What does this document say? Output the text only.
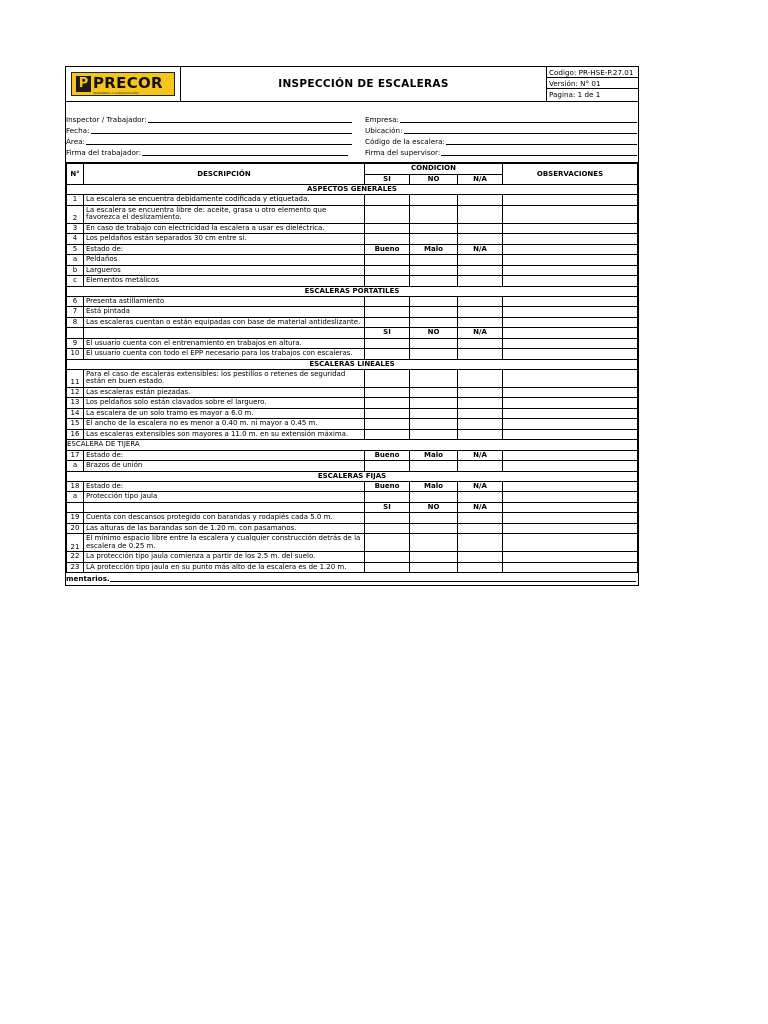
P PRECOR
INGENIERÍA Y CONSTRUCCIÓN
INSPECCIÓN DE ESCALERAS
Codigo: PR-HSE-P.27.01
Versión: N° 01
Pagina: 1 de 1
Inspector / Trabajador:
Fecha:
Área:
Firma del trabajador:
Empresa:
Ubicación:
Código de la escalera:
Firma del supervisor:
N°	DESCRIPCIÓN	CONDICIÓN			OBSERVACIONES
		SI	NO	N/A	
ASPECTOS GENERALES					
1	La escalera se encuentra debidamente codificada y etiquetada.				
2	La escalera se encuentra libre de: aceite, grasa u otro elemento que favorezca el deslizamiento.				
3	En caso de trabajo con electricidad la escalera a usar es dieléctrica.				
4	Los peldaños están separados 30 cm entre si.				
5	Estado de:	Bueno	Malo	N/A	
a	Peldaños				
b	Largueros				
c	Elementos metálicos				
ESCALERAS PORTATILES					
6	Presenta astillamiento				
7	Está pintada				
8	Las escaleras cuentan o están equipadas con base de material antideslizante.				
		SI	NO	N/A	
9	El usuario cuenta con el entrenamiento en trabajos en altura.				
10	El usuario cuenta con todo el EPP necesario para los trabajos con escaleras.				
ESCALERAS LINEALES					
11	Para el caso de escaleras extensibles: los pestillos o retenes de seguridad están en buen estado.				
12	Las escaleras están piezadas.				
13	Los peldaños solo están clavados sobre el larguero.				
14	La escalera de un solo tramo es mayor a 6.0 m.				
15	El ancho de la escalera no es menor a 0.40 m. ni mayor a 0.45 m.				
16	Las escaleras extensibles son mayores a 11.0 m. en su extensión máxima.				
ESCALERA DE TIJERA					
17	Estado de:	Bueno	Malo	N/A	
a	Brazos de unión				
ESCALERAS FIJAS					
18	Estado de:	Bueno	Malo	N/A	
a	Protección tipo jaula				
		SI	NO	N/A	
19	Cuenta con descansos protegido con barandas y rodapiés cada 5.0 m.				
20	Las alturas de las barandas son de 1.20 m. con pasamanos.				
21	El mínimo espacio libre entre la escalera y cualquier construcción detrás de la escalera de 0.25 m.				
22	La protección tipo jaula comienza a partir de los 2.5 m. del suelo.				
23	LA protección tipo jaula en su punto más alto de la escalera es de 1.20 m.				
mentarios.
